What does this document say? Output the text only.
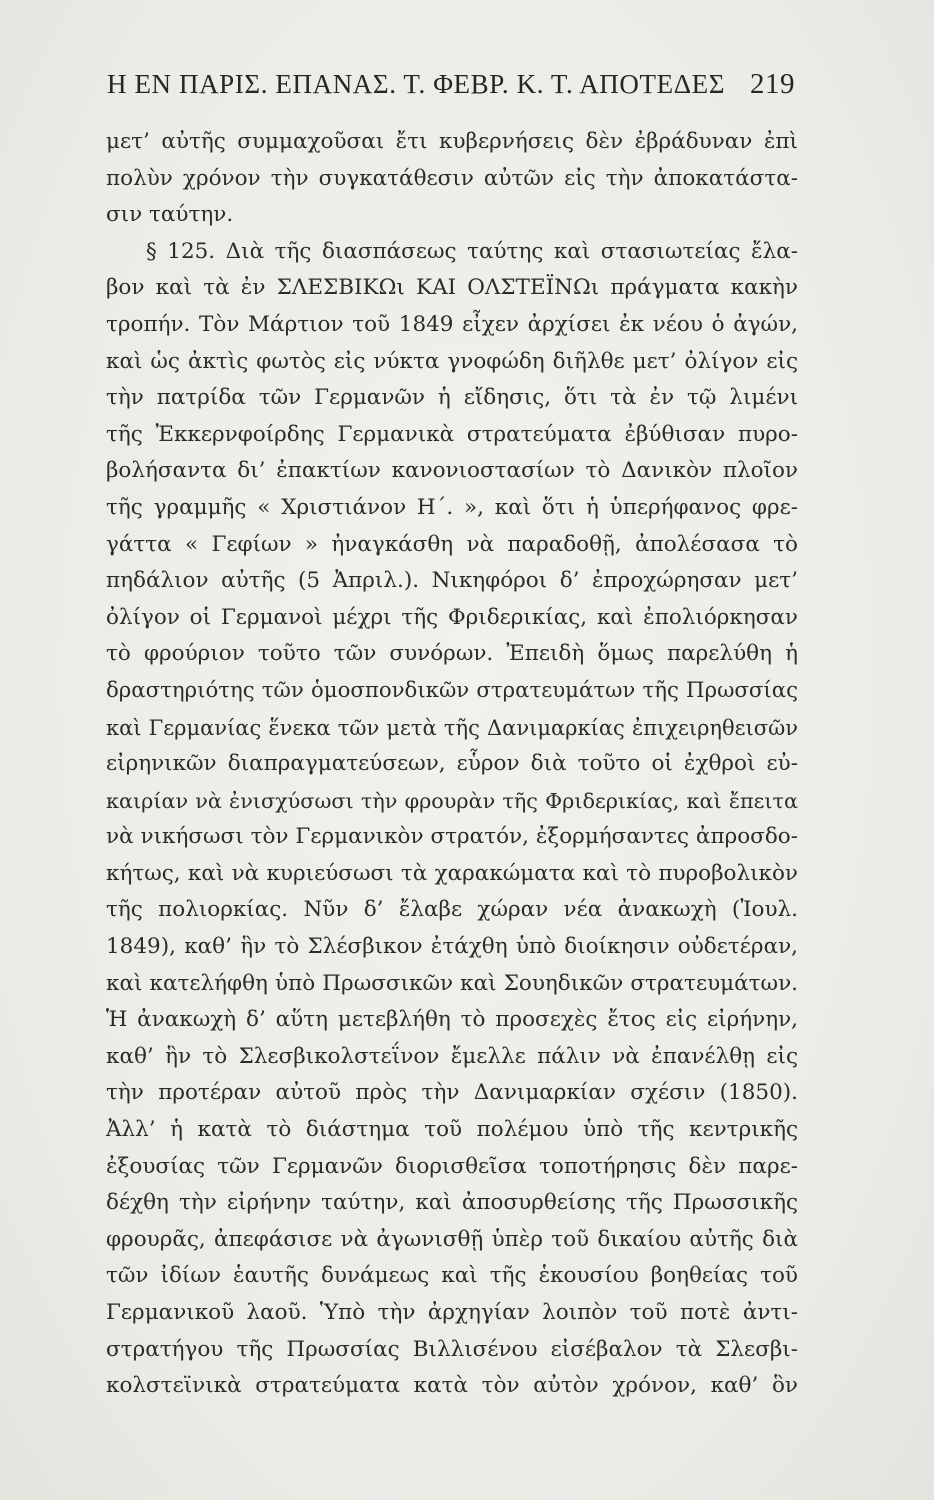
Η ΕΝ ΠΑΡΙΣ. ΕΠΑΝΑΣ. Τ. ΦΕΒΡ. Κ. Τ. ΑΠΟΤΕΔΕΣ 219
μετ’ αὐτῆς συμμαχοῦσαι ἔτι κυβερνήσεις δὲν ἐβράδυναν ἐπὶ
πολὺν χρόνον τὴν συγκατάθεσιν αὐτῶν εἰς τὴν ἀποκατάστα-
σιν ταύτην.
§ 125. Διὰ τῆς διασπάσεως ταύτης καὶ στασιωτείας ἔλα-
βον καὶ τὰ ἐν ΣΛΕΣΒΙΚΩι ΚΑΙ ΟΛΣΤΕΪΝΩι πράγματα κακὴν
τροπήν. Τὸν Μάρτιον τοῦ 1849 εἶχεν ἀρχίσει ἐκ νέου ὁ ἀγών,
καὶ ὡς ἀκτὶς φωτὸς εἰς νύκτα γνοφώδη διῆλθε μετ’ ὀλίγον εἰς
τὴν πατρίδα τῶν Γερμανῶν ἡ εἴδησις, ὅτι τὰ ἐν τῷ λιμένι
τῆς Ἐκκερνφοίρδης Γερμανικὰ στρατεύματα ἐβύθισαν πυρο-
βολήσαντα δι’ ἐπακτίων κανονιοστασίων τὸ Δανικὸν πλοῖον
τῆς γραμμῆς « Χριστιάνον Η΄. », καὶ ὅτι ἡ ὑπερήφανος φρε-
γάττα « Γεφίων » ἠναγκάσθη νὰ παραδοθῇ, ἀπολέσασα τὸ
πηδάλιον αὐτῆς (5 Ἀπριλ.). Νικηφόροι δ’ ἐπροχώρησαν μετ’
ὀλίγον οἱ Γερμανοὶ μέχρι τῆς Φριδερικίας, καὶ ἐπολιόρκησαν
τὸ φρούριον τοῦτο τῶν συνόρων. Ἐπειδὴ ὅμως παρελύθη ἡ
δραστηριότης τῶν ὁμοσπονδικῶν στρατευμάτων τῆς Πρωσσίας
καὶ Γερμανίας ἕνεκα τῶν μετὰ τῆς Δανιμαρκίας ἐπιχειρηθεισῶν
εἰρηνικῶν διαπραγματεύσεων, εὗρον διὰ τοῦτο οἱ ἐχθροὶ εὐ-
καιρίαν νὰ ἐνισχύσωσι τὴν φρουρὰν τῆς Φριδερικίας, καὶ ἔπειτα
νὰ νικήσωσι τὸν Γερμανικὸν στρατόν, ἐξορμήσαντες ἀπροσδο-
κήτως, καὶ νὰ κυριεύσωσι τὰ χαρακώματα καὶ τὸ πυροβολικὸν
τῆς πολιορκίας. Νῦν δ’ ἔλαβε χώραν νέα ἀνακωχὴ (Ἰουλ.
1849), καθ’ ἣν τὸ Σλέσβικον ἐτάχθη ὑπὸ διοίκησιν οὐδετέραν,
καὶ κατελήφθη ὑπὸ Πρωσσικῶν καὶ Σουηδικῶν στρατευμάτων.
Ἡ ἀνακωχὴ δ’ αὕτη μετεβλήθη τὸ προσεχὲς ἔτος εἰς εἰρήνην,
καθ’ ἣν τὸ Σλεσβικολστεΐνον ἔμελλε πάλιν νὰ ἐπανέλθῃ εἰς
τὴν προτέραν αὐτοῦ πρὸς τὴν Δανιμαρκίαν σχέσιν (1850).
Ἀλλ’ ἡ κατὰ τὸ διάστημα τοῦ πολέμου ὑπὸ τῆς κεντρικῆς
ἐξουσίας τῶν Γερμανῶν διορισθεῖσα τοποτήρησις δὲν παρε-
δέχθη τὴν εἰρήνην ταύτην, καὶ ἀποσυρθείσης τῆς Πρωσσικῆς
φρουρᾶς, ἀπεφάσισε νὰ ἀγωνισθῇ ὑπὲρ τοῦ δικαίου αὐτῆς διὰ
τῶν ἰδίων ἑαυτῆς δυνάμεως καὶ τῆς ἑκουσίου βοηθείας τοῦ
Γερμανικοῦ λαοῦ. Ὑπὸ τὴν ἀρχηγίαν λοιπὸν τοῦ ποτὲ ἀντι-
στρατήγου τῆς Πρωσσίας Βιλλισένου εἰσέβαλον τὰ Σλεσβι-
κολστεϊνικὰ στρατεύματα κατὰ τὸν αὐτὸν χρόνον, καθ’ ὃν
